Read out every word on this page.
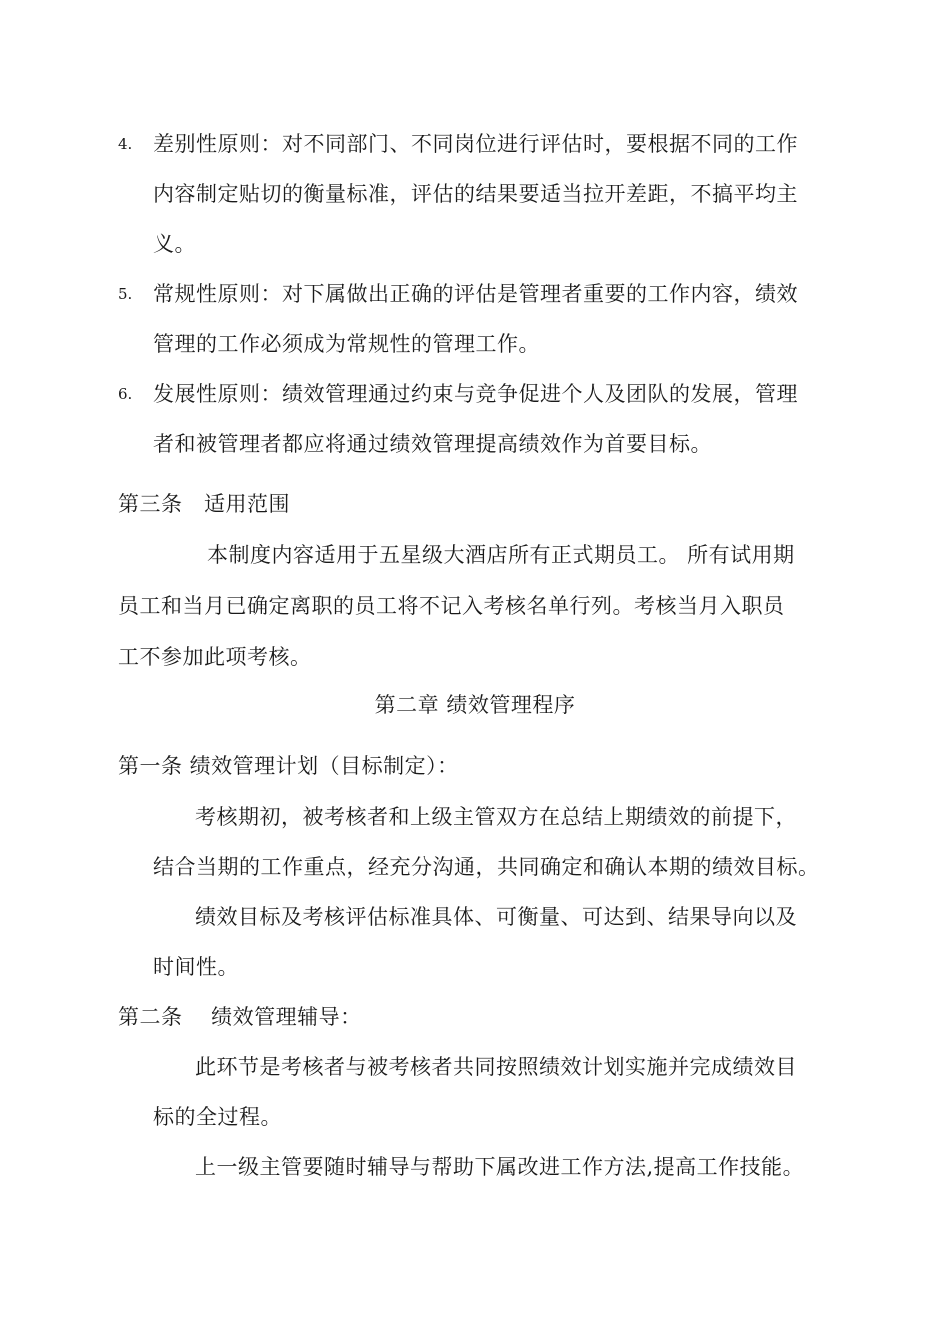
4. 差别性原则：对不同部门、不同岗位进行评估时，要根据不同的工作
内容制定贴切的衡量标准，评估的结果要适当拉开差距，不搞平均主
义。
5. 常规性原则：对下属做出正确的评估是管理者重要的工作内容，绩效
管理的工作必须成为常规性的管理工作。
6. 发展性原则：绩效管理通过约束与竞争促进个人及团队的发展，管理
者和被管理者都应将通过绩效管理提高绩效作为首要目标。
第三条　适用范围
本制度内容适用于五星级大酒店所有正式期员工。 所有试用期
员工和当月已确定离职的员工将不记入考核名单行列。考核当月入职员
工不参加此项考核。
第二章 绩效管理程序
第一条 绩效管理计划（目标制定）：
考核期初，被考核者和上级主管双方在总结上期绩效的前提下，
结合当期的工作重点，经充分沟通，共同确定和确认本期的绩效目标。
绩效目标及考核评估标准具体、可衡量、可达到、结果导向以及
时间性。
第二条　 绩效管理辅导：
此环节是考核者与被考核者共同按照绩效计划实施并完成绩效目
标的全过程。
上一级主管要随时辅导与帮助下属改进工作方法,提高工作技能。
